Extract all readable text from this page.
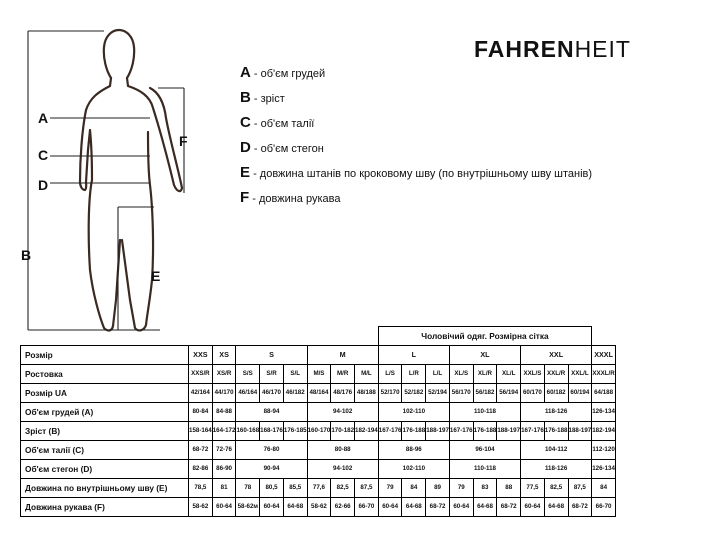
A
C
D
B
F
E
FAHRENHEIT
A - об'єм грудей
B - зріст
C - об'єм талії
D - об'єм стегон
E - довжина штанів по кроковому шву (по внутрішньому шву штанів)
F - довжина рукава
									Чоловічий одяг. Розмірна сітка									
Розмір	XXS	XS	S			M			L			XL			XXL			XXXL
Ростовка	XXS/R	XS/R	S/S	S/R	S/L	M/S	M/R	M/L	L/S	L/R	L/L	XL/S	XL/R	XL/L	XXL/S	XXL/R	XXL/L	XXXL/R
Розмір UA	42/164	44/170	46/164	46/170	46/182	48/164	48/176	48/188	52/170	52/182	52/194	56/170	56/182	56/194	60/170	60/182	60/194	64/188
Об'єм грудей (А)	80-84	84-88	88-94			94-102			102-110			110-118			118-126			126-134
Зріст (B)	158-164	164-172	160-168	168-176	176-185	160-170	170-182	182-194	167-176	176-188	188-197	167-176	176-188	188-197	167-176	176-188	188-197	182-194
Об'єм талії (С)	68-72	72-76	76-80			80-88			88-96			96-104			104-112			112-120
Об'єм стегон (D)	82-86	86-90	90-94			94-102			102-110			110-118			118-126			126-134
Довжина по внутрішньому шву (E)	78,5	81	78	80,5	85,5	77,6	82,5	87,5	79	84	89	79	83	88	77,5	82,5	87,5	84
Довжина рукава (F)	58-62	60-64	58-62м	60-64	64-68	58-62	62-66	66-70	60-64	64-68	68-72	60-64	64-68	68-72	60-64	64-68	68-72	66-70
